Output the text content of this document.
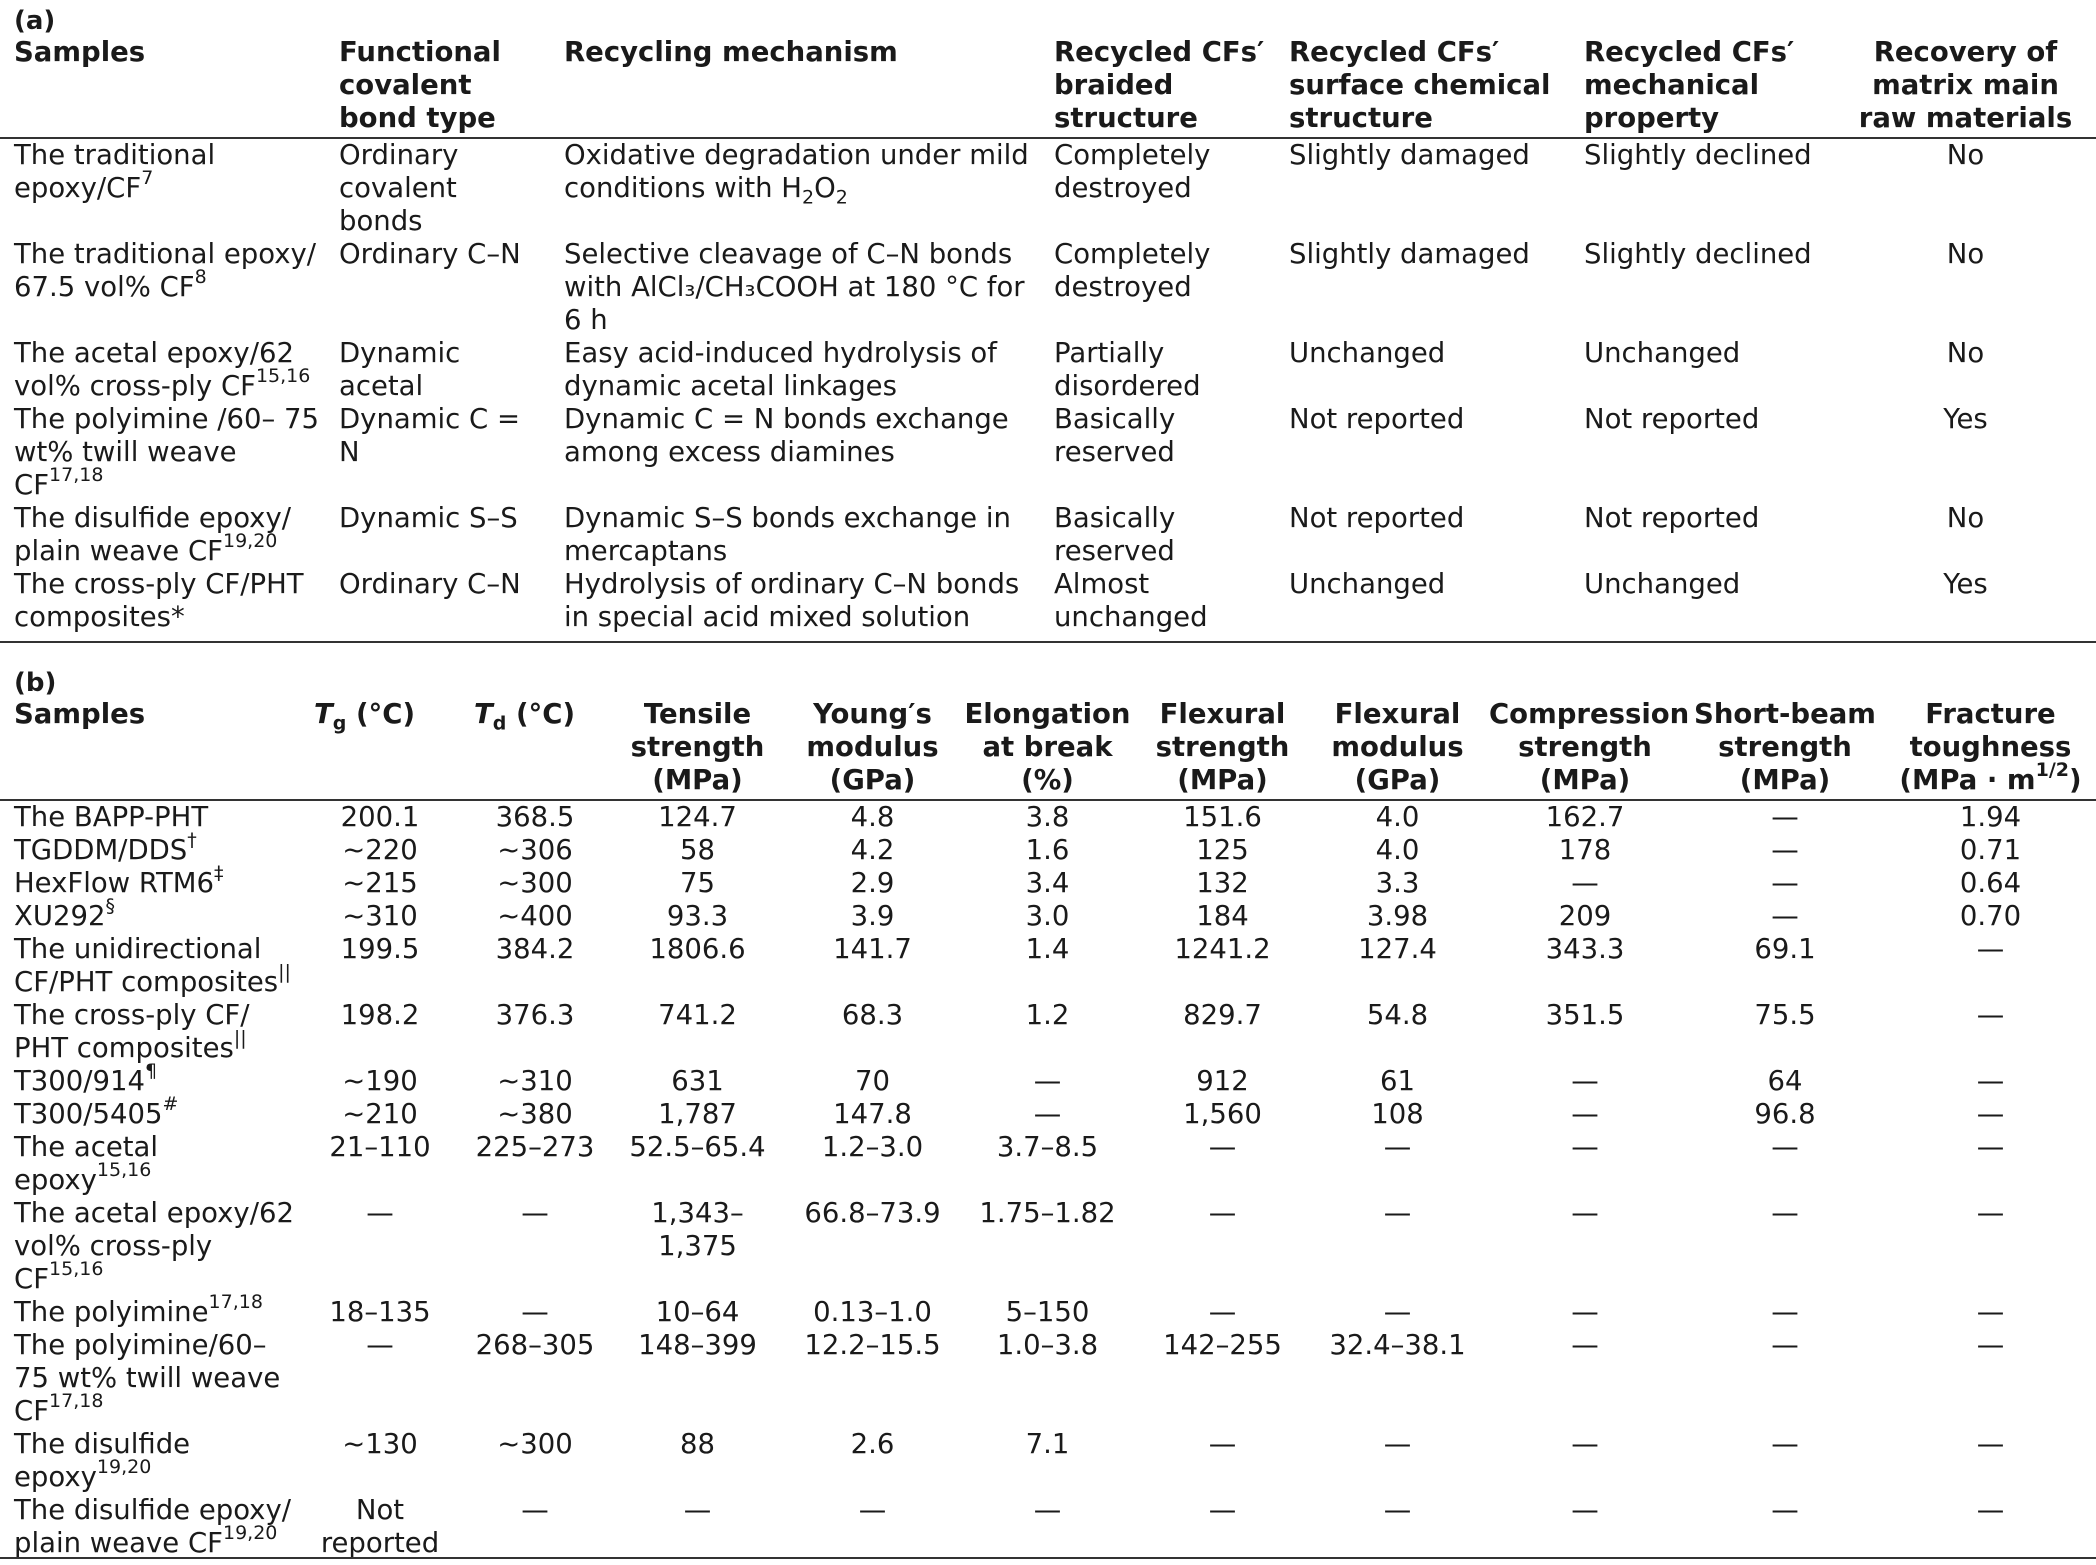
(a)
Samples	Functional covalent bond type	Recycling mechanism	Recycled CFs′ braided structure	Recycled CFs′ surface chemical structure	Recycled CFs′ mechanical property	Recovery of matrix main raw materials
The traditional epoxy/$CF^7$	Ordinary covalent bonds	Oxidative degradation under mild conditions with $H_2O_2$	Completely destroyed	Slightly damaged	Slightly declined	No
The traditional epoxy/ 67.5 vol% $CF^8$	Ordinary C–N	Selective cleavage of C–N bonds with AlCl₃/CH₃COOH at 180 °C for 6 h	Completely destroyed	Slightly damaged	Slightly declined	No
The acetal epoxy/62 vol% cross-ply CF$^{15,16}$	Dynamic acetal	Easy acid-induced hydrolysis of dynamic acetal linkages	Partially disordered	Unchanged	Unchanged	No
The polyimine /60– 75 wt% twill weave CF$^{17,18}$	Dynamic C = N	Dynamic C = N bonds exchange among excess diamines	Basically reserved	Not reported	Not reported	Yes
The disulfide epoxy/ plain weave CF$^{19,20}$	Dynamic S–S	Dynamic S–S bonds exchange in mercaptans	Basically reserved	Not reported	Not reported	No
The cross-ply CF/PHT composites*	Ordinary C–N	Hydrolysis of ordinary C–N bonds in special acid mixed solution	Almost unchanged	Unchanged	Unchanged	Yes
(b)
Samples	$T_g$ (°C)	$T_d$ (°C)	Tensile strength (MPa)	Young′s modulus (GPa)	Elongation at break (%)	Flexural strength (MPa)	Flexural modulus (GPa)	Compression strength (MPa)	Short-beam strength (MPa)	Fracture toughness $(MPa \cdot m^{1/2})$
The BAPP-PHT	200.1	368.5	124.7	4.8	3.8	151.6	4.0	162.7	—	1.94
TGDDM/DDS†	~220	~306	58	4.2	1.6	125	4.0	178	—	0.71
HexFlow RTM6‡	~215	~300	75	2.9	3.4	132	3.3	—	—	0.64
XU292§	~310	~400	93.3	3.9	3.0	184	3.98	209	—	0.70
The unidirectional CF/PHT composites||	199.5	384.2	1806.6	141.7	1.4	1241.2	127.4	343.3	69.1	—
The cross-ply CF/ PHT composites||	198.2	376.3	741.2	68.3	1.2	829.7	54.8	351.5	75.5	—
T300/914¶	~190	~310	631	70	—	912	61	—	64	—
T300/5405#	~210	~380	1,787	147.8	—	1,560	108	—	96.8	—
The acetal epoxy$^{15,16}$	21–110	225–273	52.5–65.4	1.2–3.0	3.7–8.5	—	—	—	—	—
The acetal epoxy/62 vol% cross-ply CF$^{15,16}$	—	—	1,343–1,375	66.8–73.9	1.75–1.82	—	—	—	—	—
The polyimine$^{17,18}$	18–135	—	10–64	0.13–1.0	5–150	—	—	—	—	—
The polyimine/60– 75 wt% twill weave CF$^{17,18}$	—	268–305	148–399	12.2–15.5	1.0–3.8	142–255	32.4–38.1	—	—	—
The disulfide epoxy$^{19,20}$	~130	~300	88	2.6	7.1	—	—	—	—	—
The disulfide epoxy/ plain weave CF$^{19,20}$	Not reported	—	—	—	—	—	—	—	—	—
